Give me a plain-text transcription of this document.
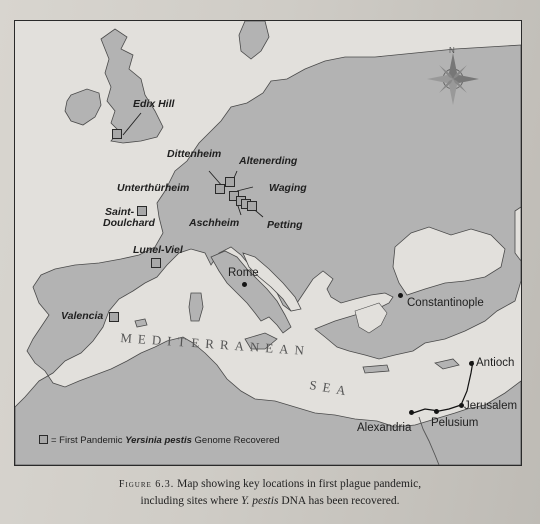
N
Edix Hill
Dittenheim
Altenerding
Unterthürheim	Waging
Saint-
Doulchard	Aschheim	Petting
Lunel-Viel
Valencia
Rome
Constantinople
Antioch
Jerusalem
Pelusium
Alexandria
MEDITERRANEAN
SEA
= First Pandemic Yersinia pestis Genome Recovered
Figure 6.3. Map showing key locations in first plague pandemic,
including sites where Y. pestis DNA has been recovered.
